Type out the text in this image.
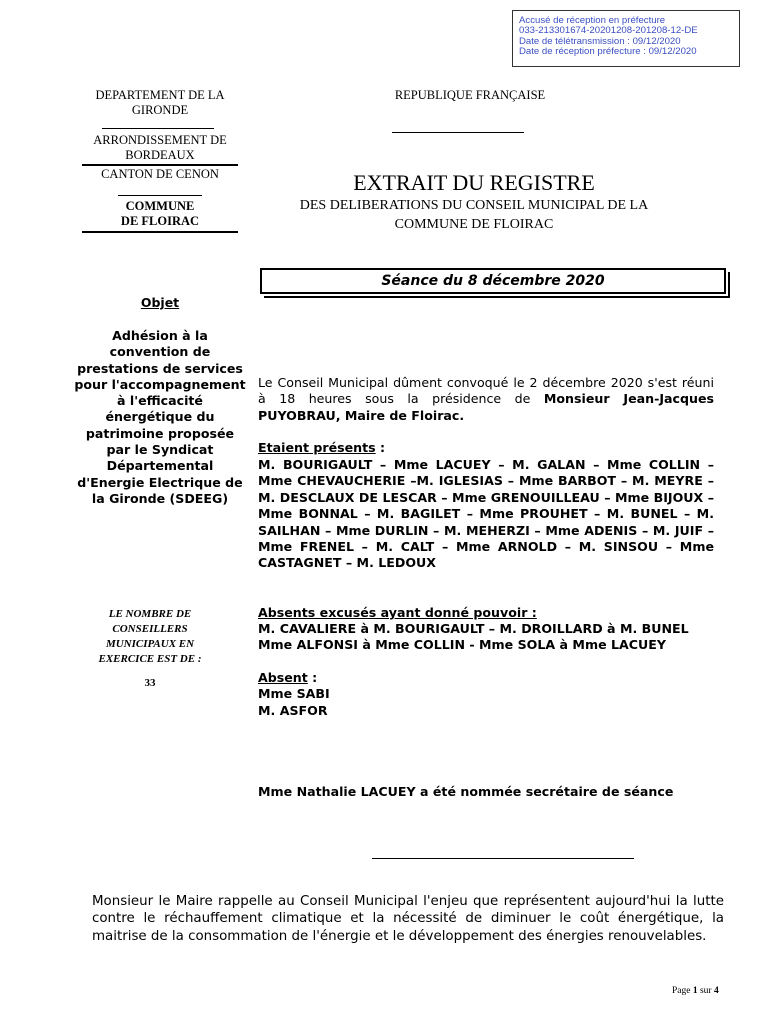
Accusé de réception en préfecture
033-213301674-20201208-201208-12-DE
Date de télétransmission : 09/12/2020
Date de réception préfecture : 09/12/2020
DEPARTEMENT DE LA GIRONDE
ARRONDISSEMENT DE BORDEAUX
CANTON DE CENON
COMMUNE
DE FLOIRAC
REPUBLIQUE FRANÇAISE
EXTRAIT DU REGISTRE
DES DELIBERATIONS DU CONSEIL MUNICIPAL DE LA
COMMUNE DE FLOIRAC
Séance du 8 décembre 2020
Objet
Adhésion à la convention de prestations de services pour l'accompagnement à l'efficacité énergétique du patrimoine proposée par le Syndicat Départemental d'Energie Electrique de la Gironde (SDEEG)
LE NOMBRE DE CONSEILLERS MUNICIPAUX EN EXERCICE EST DE :
33
Le Conseil Municipal dûment convoqué le 2 décembre 2020 s'est réuni à 18 heures sous la présidence de Monsieur Jean-Jacques PUYOBRAU, Maire de Floirac.
Etaient présents :
M. BOURIGAULT – Mme LACUEY – M. GALAN – Mme COLLIN – Mme CHEVAUCHERIE –M. IGLESIAS – Mme BARBOT – M. MEYRE – M. DESCLAUX DE LESCAR – Mme GRENOUILLEAU – Mme BIJOUX – Mme BONNAL – M. BAGILET – Mme PROUHET – M. BUNEL – M. SAILHAN – Mme DURLIN – M. MEHERZI – Mme ADENIS – M. JUIF – Mme FRENEL – M. CALT – Mme ARNOLD – M. SINSOU – Mme CASTAGNET – M. LEDOUX
Absents excusés ayant donné pouvoir :
M. CAVALIERE à M. BOURIGAULT – M. DROILLARD à M. BUNEL
Mme ALFONSI à Mme COLLIN - Mme SOLA à Mme LACUEY
Absent :
Mme SABI
M. ASFOR
Mme Nathalie LACUEY a été nommée secrétaire de séance
Monsieur le Maire rappelle au Conseil Municipal l'enjeu que représentent aujourd'hui la lutte contre le réchauffement climatique et la nécessité de diminuer le coût énergétique, la maitrise de la consommation de l'énergie et le développement des énergies renouvelables.
Page 1 sur 4
